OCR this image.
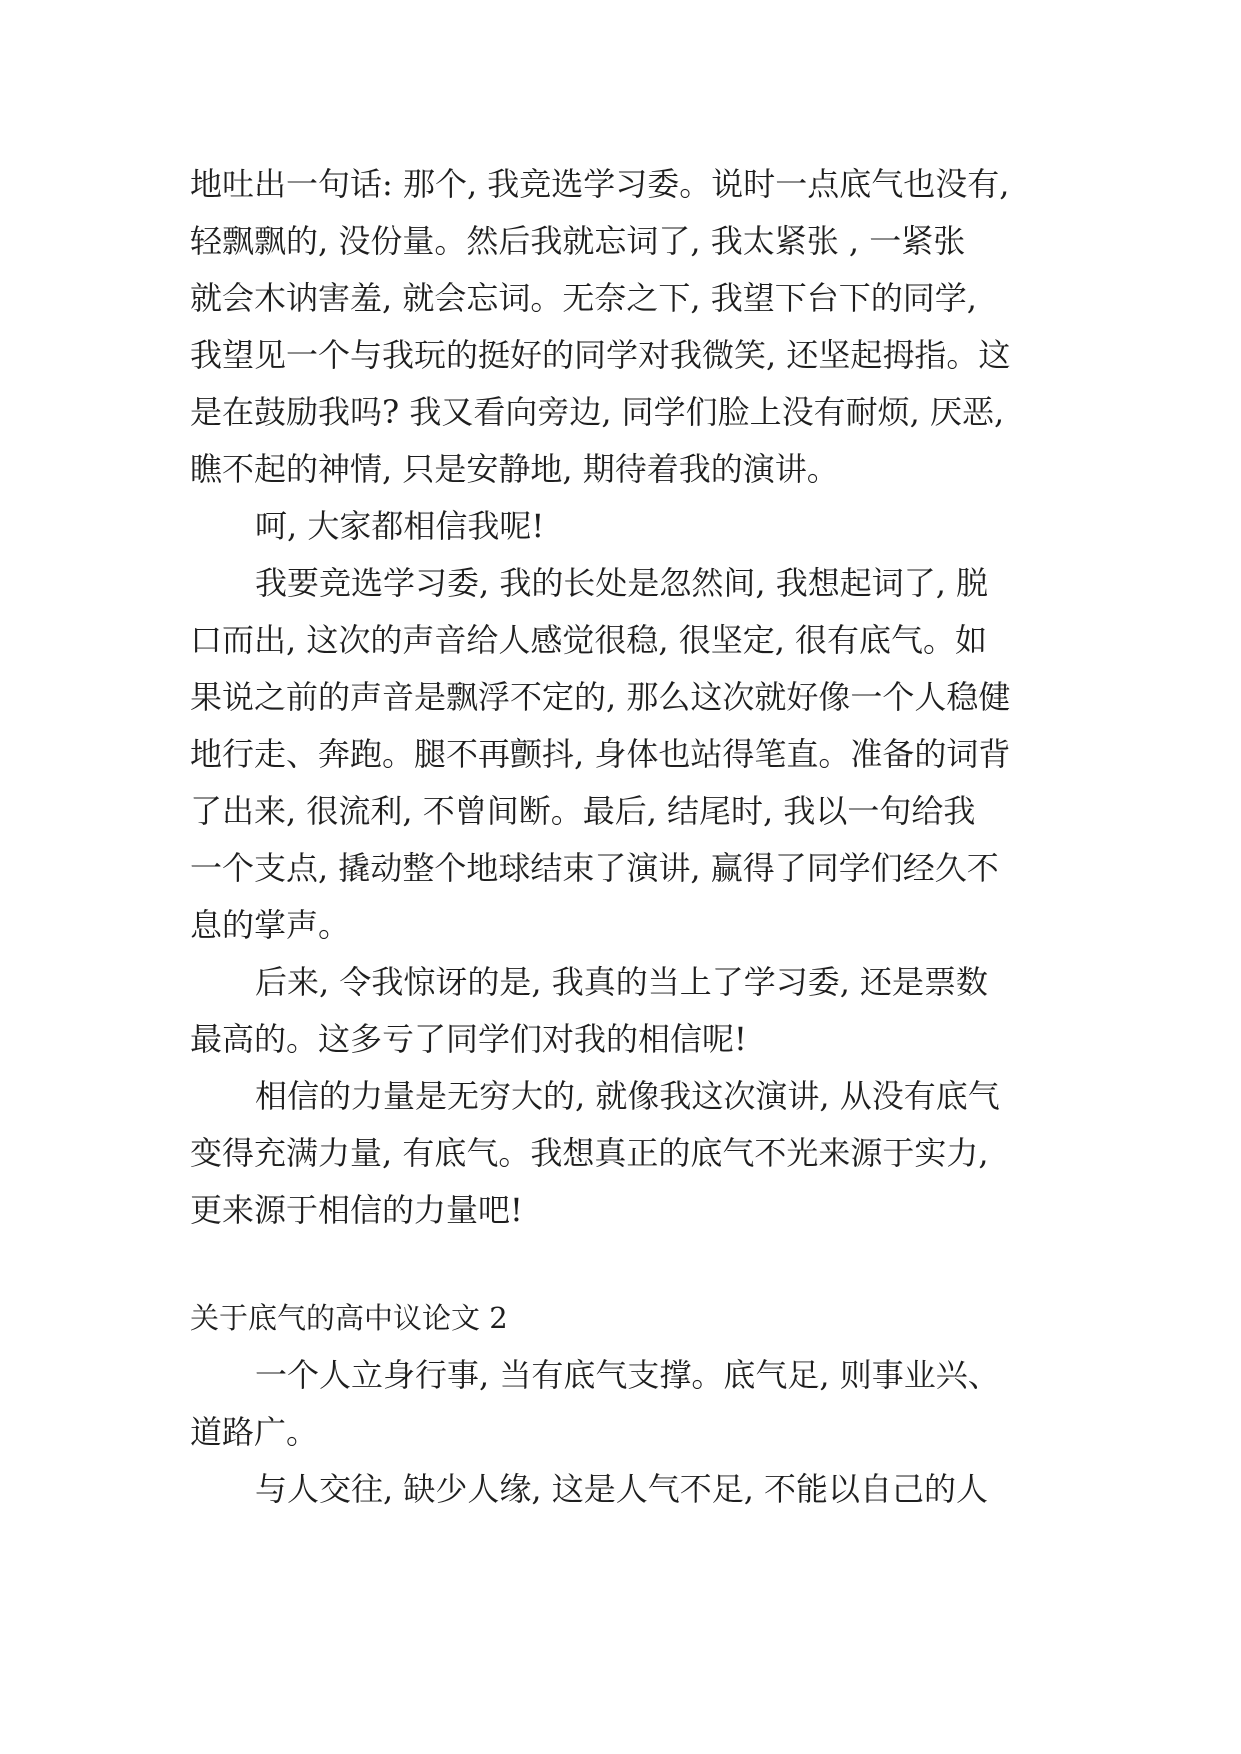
地吐出一句话: 那个, 我竞选学习委。说时一点底气也没有,

轻飘飘的, 没份量。然后我就忘词了, 我太紧张 , 一紧张

就会木讷害羞, 就会忘词。无奈之下, 我望下台下的同学,

我望见一个与我玩的挺好的同学对我微笑, 还坚起拇指。这

是在鼓励我吗? 我又看向旁边, 同学们脸上没有耐烦, 厌恶,

瞧不起的神情, 只是安静地, 期待着我的演讲。

呵, 大家都相信我呢!

我要竞选学习委, 我的长处是忽然间, 我想起词了, 脱

口而出, 这次的声音给人感觉很稳, 很坚定, 很有底气。如

果说之前的声音是飘浮不定的, 那么这次就好像一个人稳健

地行走、奔跑。腿不再颤抖, 身体也站得笔直。准备的词背

了出来, 很流利, 不曾间断。最后, 结尾时, 我以一句给我

一个支点, 撬动整个地球结束了演讲, 赢得了同学们经久不

息的掌声。

后来, 令我惊讶的是, 我真的当上了学习委, 还是票数

最高的。这多亏了同学们对我的相信呢!

相信的力量是无穷大的, 就像我这次演讲, 从没有底气

变得充满力量, 有底气。我想真正的底气不光来源于实力,

更来源于相信的力量吧!

关于底气的高中议论文 2

一个人立身行事, 当有底气支撑。底气足, 则事业兴、

道路广。

与人交往, 缺少人缘, 这是人气不足, 不能以自己的人
